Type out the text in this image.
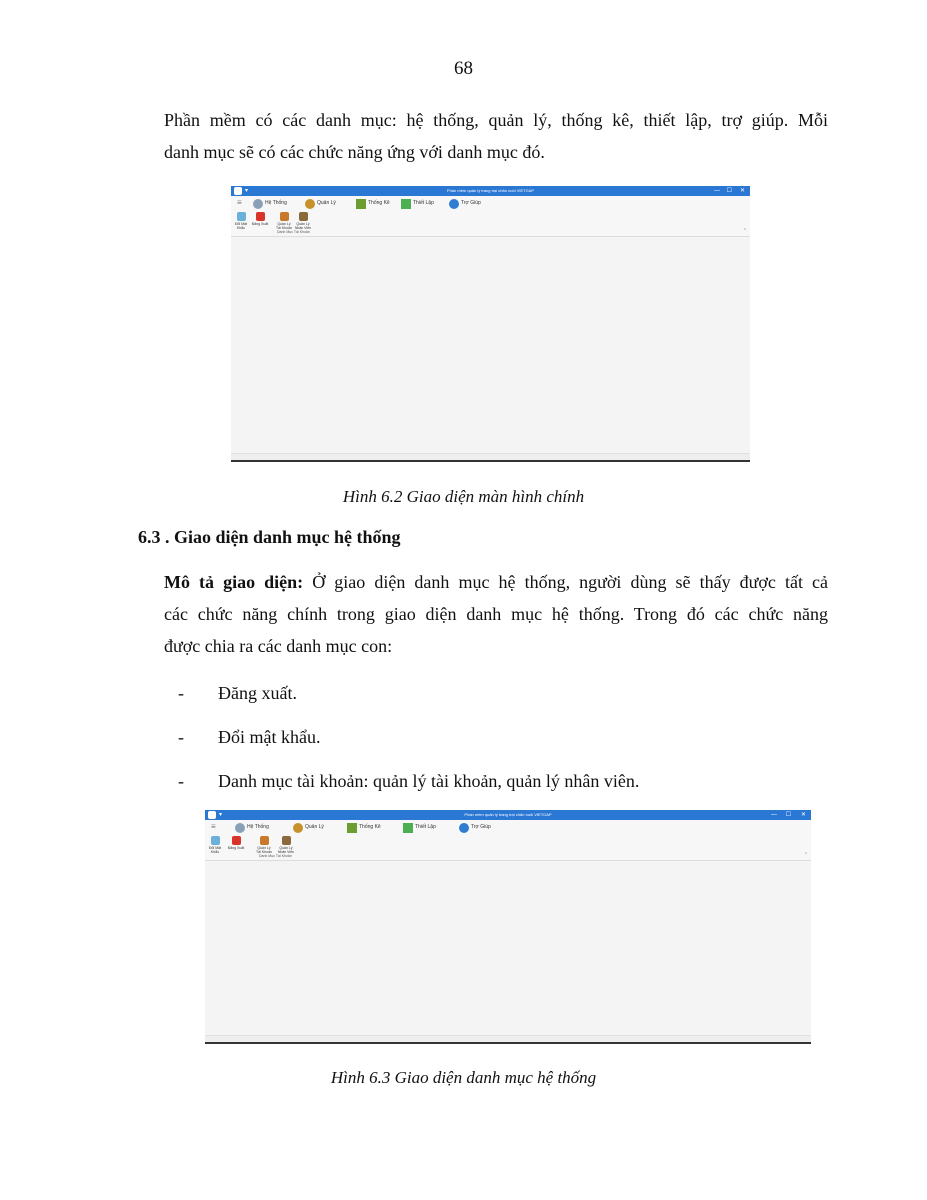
68
Phần mềm có các danh mục: hệ thống, quản lý, thống kê, thiết lập, trợ giúp. Mỗi
danh mục sẽ có các chức năng ứng với danh mục đó.
▾	Phần mềm quản lý trang trại chăn nuôi VIETGAP	— ☐ ✕
≡	Hệ Thống	Quản Lý	Thống Kê	Thiết Lập	Trợ Giúp
Đổi Mật Khẩu
Đăng Xuất	Quản Lý Tài Khoản
Quản Lý Nhân Viên
Danh Mục Tài Khoản	⌃
Hình 6.2 Giao diện màn hình chính
6.3 . Giao diện danh mục hệ thống
Mô tả giao diện: Ở giao diện danh mục hệ thống, người dùng sẽ thấy được tất cả
các chức năng chính trong giao diện danh mục hệ thống. Trong đó các chức năng
được chia ra các danh mục con:
- Đăng xuất.
- Đổi mật khẩu.
- Danh mục tài khoản: quản lý tài khoản, quản lý nhân viên.
▾	Phần mềm quản lý trang trại chăn nuôi VIETGAP	— ☐ ✕
≡	Hệ Thống	Quản Lý	Thống Kê	Thiết Lập	Trợ Giúp
Đổi Mật Khẩu
Đăng Xuất	Quản Lý Tài Khoản
Quản Lý Nhân Viên
Danh Mục Tài Khoản	⌃
Hình 6.3 Giao diện danh mục hệ thống
